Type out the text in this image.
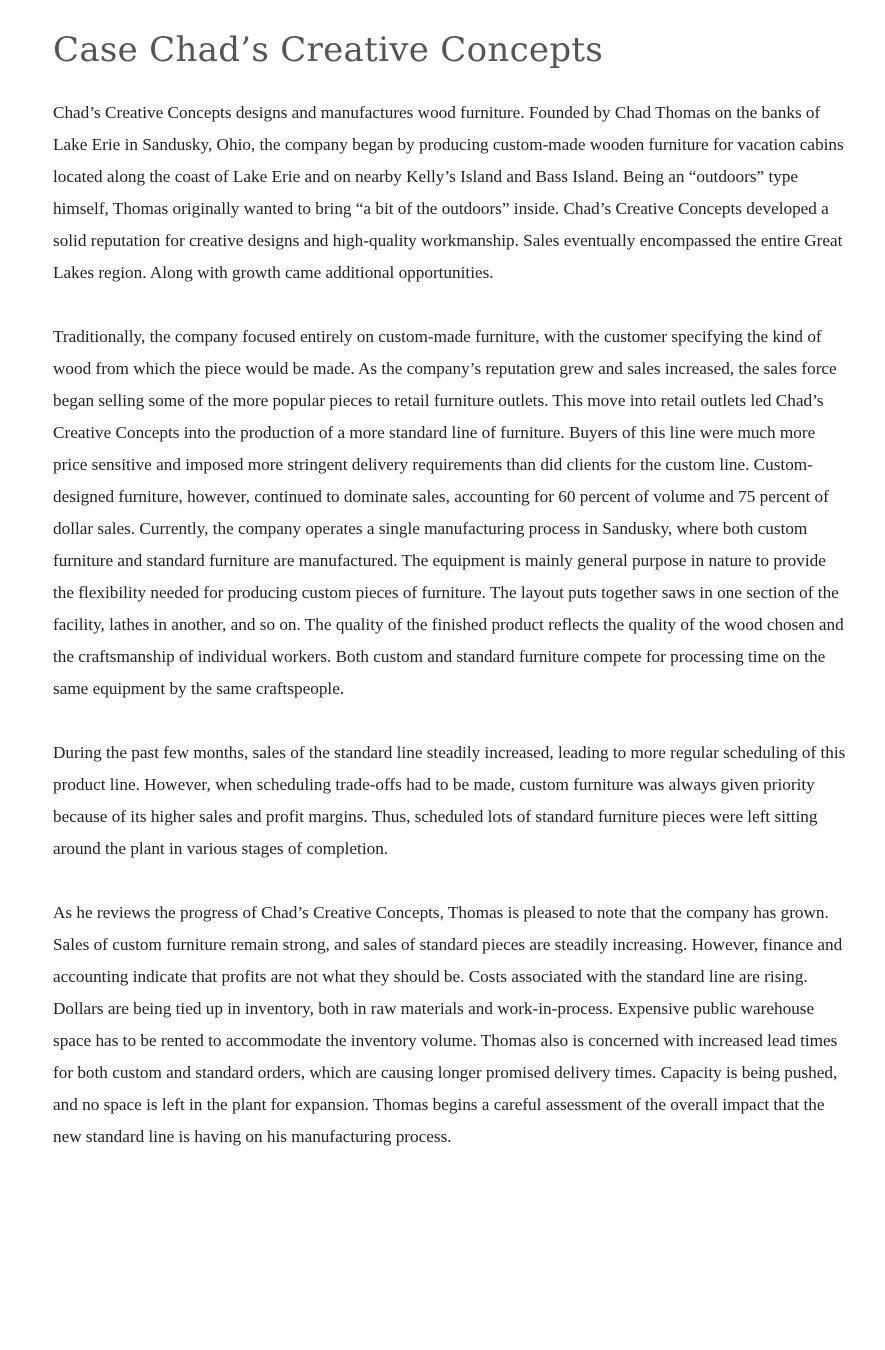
Case Chad’s Creative Concepts

Chad’s Creative Concepts designs and manufactures wood furniture. Founded by Chad Thomas on the banks of Lake Erie in Sandusky, Ohio, the company began by producing custom-made wooden furniture for vacation cabins located along the coast of Lake Erie and on nearby Kelly’s Island and Bass Island. Being an “outdoors” type himself, Thomas originally wanted to bring “a bit of the outdoors” inside. Chad’s Creative Concepts developed a solid reputation for creative designs and high-quality workmanship. Sales eventually encompassed the entire Great Lakes region. Along with growth came additional opportunities.

Traditionally, the company focused entirely on custom-made furniture, with the customer specifying the kind of wood from which the piece would be made. As the company’s reputation grew and sales increased, the sales force began selling some of the more popular pieces to retail furniture outlets. This move into retail outlets led Chad’s Creative Concepts into the production of a more standard line of furniture. Buyers of this line were much more price sensitive and imposed more stringent delivery requirements than did clients for the custom line. Custom-designed furniture, however, continued to dominate sales, accounting for 60 percent of volume and 75 percent of dollar sales. Currently, the company operates a single manufacturing process in Sandusky, where both custom furniture and standard furniture are manufactured. The equipment is mainly general purpose in nature to provide the flexibility needed for producing custom pieces of furniture. The layout puts together saws in one section of the facility, lathes in another, and so on. The quality of the finished product reflects the quality of the wood chosen and the craftsmanship of individual workers. Both custom and standard furniture compete for processing time on the same equipment by the same craftspeople.

During the past few months, sales of the standard line steadily increased, leading to more regular scheduling of this product line. However, when scheduling trade-offs had to be made, custom furniture was always given priority because of its higher sales and profit margins. Thus, scheduled lots of standard furniture pieces were left sitting around the plant in various stages of completion.

As he reviews the progress of Chad’s Creative Concepts, Thomas is pleased to note that the company has grown. Sales of custom furniture remain strong, and sales of standard pieces are steadily increasing. However, finance and accounting indicate that profits are not what they should be. Costs associated with the standard line are rising. Dollars are being tied up in inventory, both in raw materials and work-in-process. Expensive public warehouse space has to be rented to accommodate the inventory volume. Thomas also is concerned with increased lead times for both custom and standard orders, which are causing longer promised delivery times. Capacity is being pushed, and no space is left in the plant for expansion. Thomas begins a careful assessment of the overall impact that the new standard line is having on his manufacturing process.
